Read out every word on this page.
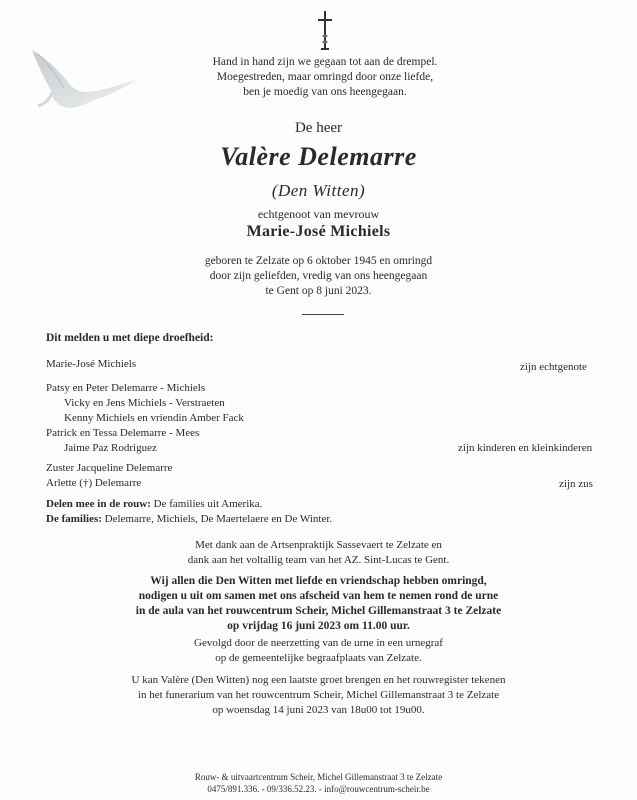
Hand in hand zijn we gegaan tot aan de drempel.
Moegestreden, maar omringd door onze liefde,
ben je moedig van ons heengegaan.
De heer
Valère Delemarre
(Den Witten)
echtgenoot van mevrouw
Marie-José Michiels
geboren te Zelzate op 6 oktober 1945 en omringd
door zijn geliefden, vredig van ons heengegaan
te Gent op 8 juni 2023.
Dit melden u met diepe droefheid:
Marie-José Michiels	zijn echtgenote
Patsy en Peter Delemarre - Michiels
Vicky en Jens Michiels - Verstraeten
Kenny Michiels en vriendin Amber Fack
Patrick en Tessa Delemarre - Mees
Jaime Paz Rodriguez	zijn kinderen en kleinkinderen
Zuster Jacqueline Delemarre
Arlette (†) Delemarre	zijn zus
Delen mee in de rouw: De families uit Amerika.
De families: Delemarre, Michiels, De Maertelaere en De Winter.
Met dank aan de Artsenpraktijk Sassevaert te Zelzate en
dank aan het voltallig team van het AZ. Sint-Lucas te Gent.
Wij allen die Den Witten met liefde en vriendschap hebben omringd,
nodigen u uit om samen met ons afscheid van hem te nemen rond de urne
in de aula van het rouwcentrum Scheir, Michel Gillemanstraat 3 te Zelzate
op vrijdag 16 juni 2023 om 11.00 uur.
Gevolgd door de neerzetting van de urne in een urnegraf
op de gemeentelijke begraafplaats van Zelzate.
U kan Valère (Den Witten) nog een laatste groet brengen en het rouwregister tekenen
in het funerarium van het rouwcentrum Scheir, Michel Gillemanstraat 3 te Zelzate
op woensdag 14 juni 2023 van 18u00 tot 19u00.
Rouw- & uitvaartcentrum Scheir, Michel Gillemanstraat 3 te Zelzate
0475/891.336. - 09/336.52.23. - info@rouwcentrum-scheir.be
